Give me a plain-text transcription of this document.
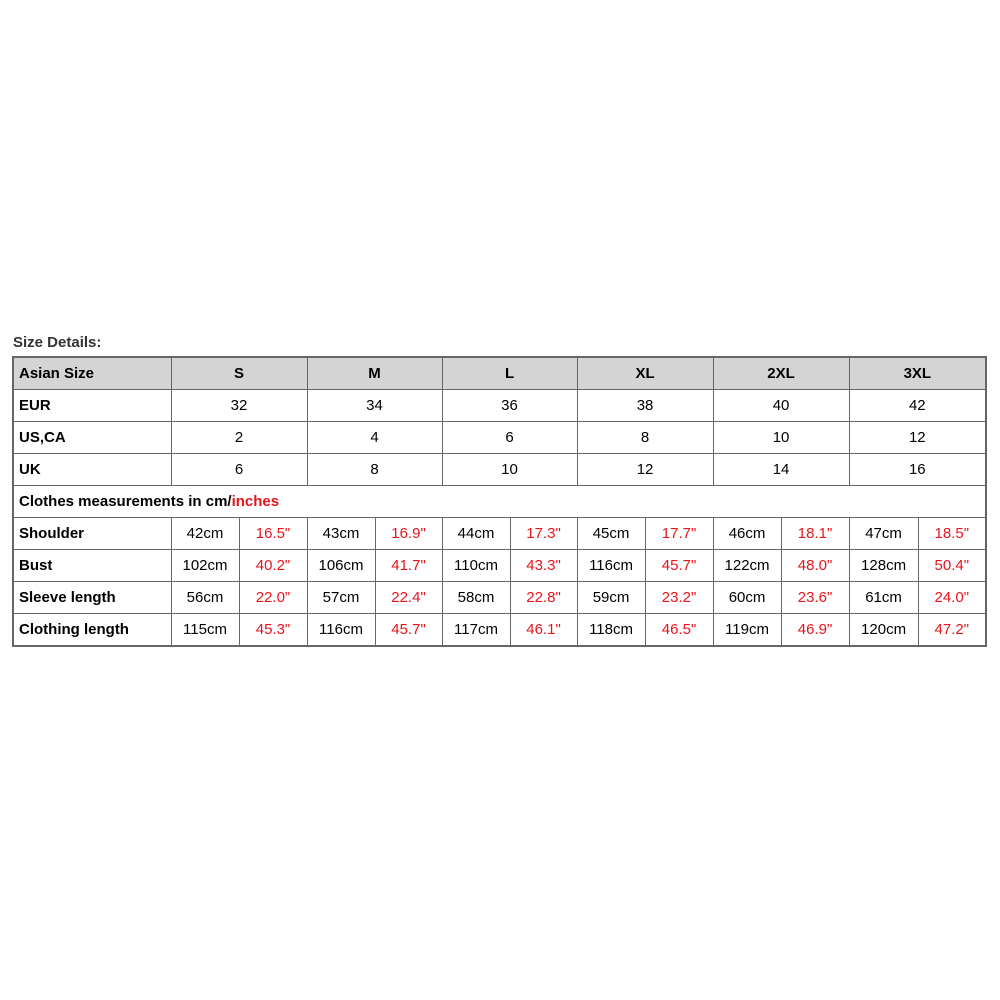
Size Details:
Asian Size	S		M		L		XL		2XL		3XL	
EUR	32		34		36		38		40		42	
US,CA	2		4		6		8		10		12	
UK	6		8		10		12		14		16	
Clothes measurements in cm/inches												
Shoulder	42cm	16.5"	43cm	16.9"	44cm	17.3"	45cm	17.7"	46cm	18.1"	47cm	18.5"
Bust	102cm	40.2"	106cm	41.7"	110cm	43.3"	116cm	45.7"	122cm	48.0"	128cm	50.4"
Sleeve length	56cm	22.0"	57cm	22.4"	58cm	22.8"	59cm	23.2"	60cm	23.6"	61cm	24.0"
Clothing length	115cm	45.3"	116cm	45.7"	117cm	46.1"	118cm	46.5"	119cm	46.9"	120cm	47.2"
